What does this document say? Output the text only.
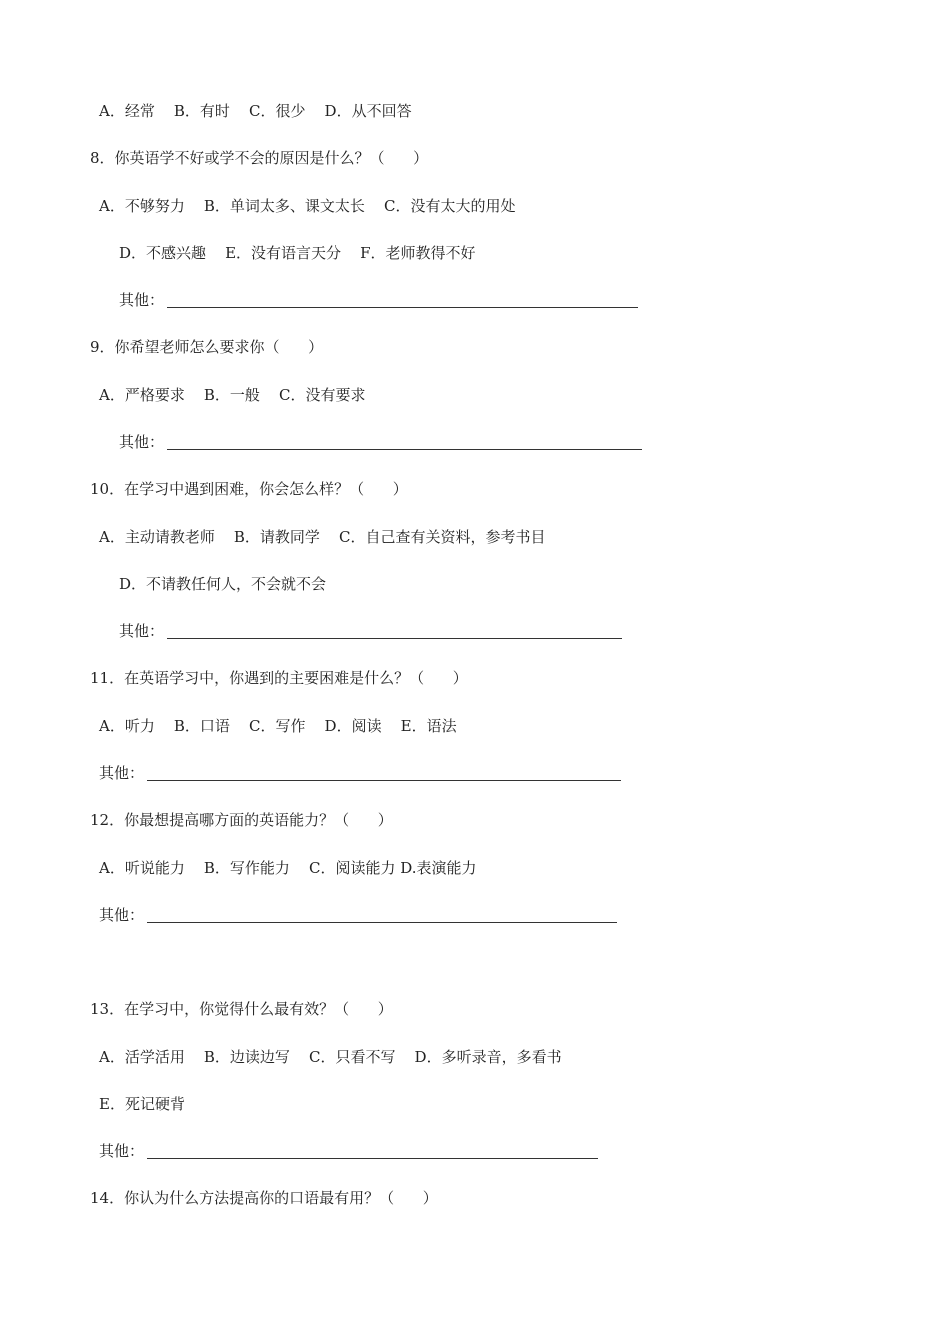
A．经常    B．有时    C．很少    D．从不回答
8．你英语学不好或学不会的原因是什么？（      ）
A．不够努力    B．单词太多、课文太长    C．没有太大的用处
D．不感兴趣    E．没有语言天分    F．老师教得不好
其他：
9．你希望老师怎么要求你（      ）
A．严格要求    B．一般    C．没有要求
其他：
10．在学习中遇到困难，你会怎么样？（      ）
A．主动请教老师    B．请教同学    C．自己查有关资料，参考书目
D．不请教任何人，不会就不会
其他：
11．在英语学习中，你遇到的主要困难是什么？（      ）
A．听力    B．口语    C．写作    D．阅读    E．语法
其他：
12．你最想提高哪方面的英语能力？（      ）
A．听说能力    B．写作能力    C．阅读能力 D.表演能力
其他：
13．在学习中，你觉得什么最有效？（      ）
A．活学活用    B．边读边写    C．只看不写    D．多听录音，多看书
E．死记硬背
其他：
14．你认为什么方法提高你的口语最有用？（      ）
